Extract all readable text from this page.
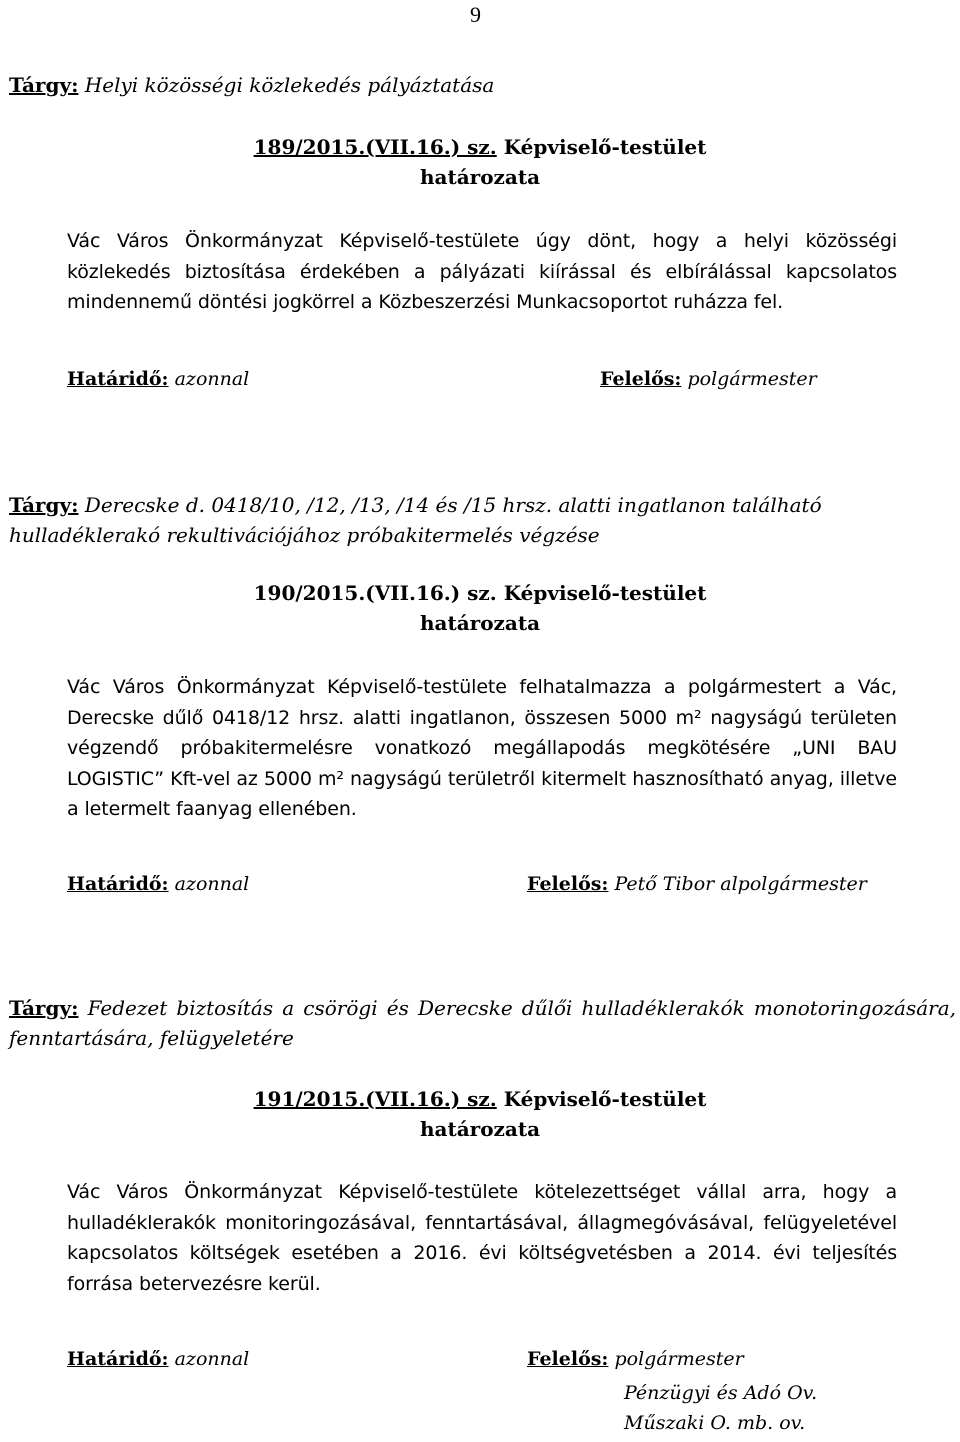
9
Tárgy: Helyi közösségi közlekedés pályáztatása
189/2015.(VII.16.) sz. Képviselő-testület
határozata
Vác Város Önkormányzat Képviselő-testülete úgy dönt, hogy a helyi közösségi közlekedés biztosítása érdekében a pályázati kiírással és elbírálással kapcsolatos mindennemű döntési jogkörrel a Közbeszerzési Munkacsoportot ruházza fel.
Határidő: azonnal	Felelős: polgármester
Tárgy: Derecske d. 0418/10, /12, /13, /14 és /15 hrsz. alatti ingatlanon található hulladéklerakó rekultivációjához próbakitermelés végzése
190/2015.(VII.16.) sz. Képviselő-testület
határozata
Vác Város Önkormányzat Képviselő-testülete felhatalmazza a polgármestert a Vác, Derecske dűlő 0418/12 hrsz. alatti ingatlanon, összesen 5000 m² nagyságú területen végzendő próbakitermelésre vonatkozó megállapodás megkötésére „UNI BAU LOGISTIC” Kft-vel az 5000 m² nagyságú területről kitermelt hasznosítható anyag, illetve a letermelt faanyag ellenében.
Határidő: azonnal	Felelős: Pető Tibor alpolgármester
Tárgy: Fedezet biztosítás a csörögi és Derecske dűlői hulladéklerakók monotoringozására, fenntartására, felügyeletére
191/2015.(VII.16.) sz. Képviselő-testület
határozata
Vác Város Önkormányzat Képviselő-testülete kötelezettséget vállal arra, hogy a hulladéklerakók monitoringozásával, fenntartásával, állagmegóvásával, felügyeletével kapcsolatos költségek esetében a 2016. évi költségvetésben a 2014. évi teljesítés forrása betervezésre kerül.
Határidő: azonnal	Felelős: polgármester
Pénzügyi és Adó Ov.
Műszaki O. mb. ov.
